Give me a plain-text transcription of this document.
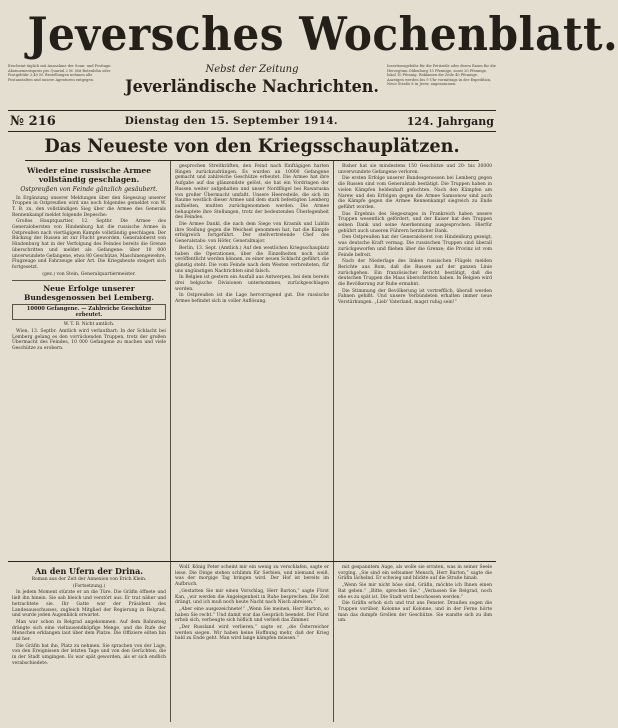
Jeversches Wochenblatt.
Erscheint täglich mit Ausnahme der Sonn- und Festtage. Abonnementspreis pro Quartal 2 M. Mit Botenlohn oder Postgebühr 2,40 M. Bestellungen nehmen alle Postanstalten und unsere Agenturen entgegen.
Nebst der Zeitung
Jeverländische Nachrichten.
Insertionsgebühr für die Petitzeile oder deren Raum für die Herzogtum Oldenburg 15 Pfennige, sonst 20 Pfennige, lokal 10 Pfennig. Reklamen die Zeile 40 Pfennige. Anzeigen werden bis 9 Uhr vormittags in der Expedition, Neue Straße 8 in Jever, angenommen.
№ 216	Dienstag den 15. September 1914.	124. Jahrgang
Das Neueste von den Kriegsschauplätzen.
Wieder eine russische Armee vollständig geschlagen.
Ostpreußen von Feinde gänzlich gesäubert.

In Ergänzung unserer Meldungen über den Siegeszug unserer Truppen in Ostpreußen wird uns noch folgendes gemeldet von W. T. B. zu, den vollständigen Sieg über die Armee des Generals Rennenkampf meldet folgende Depesche:

Großes Hauptquartier, 12. Septbr. Die Armee des Generalobersten von Hindenburg hat die russische Armee in Ostpreußen nach viertägigem Kampfe vollständig geschlagen. Der Rückzug der Russen ist zur Flucht geworden. Generaloberst von Hindenburg hat in der Verfolgung des Feindes bereits die Grenze überschritten und meldet als Gefangene: über 10 000 unverwundete Gefangene, etwa 80 Geschütze, Maschinengewehre, Flugzeuge und Fahrzeuge aller Art. Die Kriegsbeute steigert sich fortgesetzt.

(gez.) von Stein, Generalquartiermeister.

Neue Erfolge unserer Bundesgenossen bei Lemberg.
10000 Gefangene. — Zahlreiche Geschütze erbeutet.

W. T. B. Nicht amtlich.

Wien, 13. Septbr. Amtlich wird verlautbart: In der Schlacht bei Lemberg gelang es den vorrückenden Truppen, trotz der großen Übermacht des Feindes, 10 000 Gefangene zu machen und viele Geschütze zu erobern.

gesprochen Streitkräften, den Feind nach fünftägigen harten Ringen zurückzudrängen. Es wurden an 10000 Gefangene gemacht und zahlreiche Geschütze erbeutet. Die Armee hat ihre Aufgabe auf das glänzendste gelöst, sie hat ein Vordringen der Russen weiter aufgehalten und unser Nordflügel bei Rawaruska von großer Übermacht umfaßt. Unsere Heeresteile, die sich im Raume westlich dieser Armee und dem stark befestigten Lemberg aufhielten, mußten zurückgenommen werden. Die Armee behauptete ihre Stellungen, trotz der bedeutenden Überlegenheit des Feindes.

Die Armee Dankl, die nach dem Siege von Krasnik und Lublin ihre Stellung gegen die Weichsel genommen hat, hat die Kämpfe erfolgreich fortgeführt. Der stellvertretende Chef des Generalstabs: von Höfer, Generalmajor.

Berlin, 13. Sept. (Amtlich.) Auf den westlichen Kriegsschauplatz haben die Operationen, über die Einzelheiten noch nicht veröffentlicht werden können, zu einer neuen Schlacht geführt, die günstig steht. Die vom Feinde nach dem Westen verbreiteten, für uns ungünstigen Nachrichten sind falsch.

In Belgien ist gestern ein Ausfall aus Antwerpen, bei dem bereits drei belgische Divisionen unternommen, zurückgeschlagen worden.

In Ostpreußen ist die Lage hervorragend gut. Die russische Armee befindet sich in voller Auflösung.

Bisher hat sie mindestens 150 Geschütze und 20- bis 30000 unverwundete Gefangene verloren.

Die ersten Erfolge unserer Bundesgenossen bei Lemberg gegen die Russen sind vom Generalstab bestätigt. Die Truppen haben in vielen Kämpfen heldenhaft gefochten. Nach den Kämpfen am Narew und den Erfolgen gegen die Armee Samsonow sind auch die Kämpfe gegen die Armee Rennenkampf siegreich zu Ende geführt worden.

Das Ergebnis des Siegeszuges in Frankreich haben unsere Truppen wesentlich gefördert, und der Kaiser hat den Truppen seinen Dank und seine Anerkennung ausgesprochen. Hierfür gebührt auch unseren Führern herzlicher Dank.

Den Ostpreußen hat der Generaloberst von Hindenburg gezeigt, was deutsche Kraft vermag. Die russischen Truppen sind überall zurückgeworfen und fliehen über die Grenze; die Provinz ist vom Feinde befreit.

Nach der Niederlage des linken russischen Flügels melden Berichte aus Rom, daß die Russen auf der ganzen Linie zurückgehen. Ein französischer Bericht bestätigt, daß die deutschen Truppen die Maas überschritten haben. In Belgien wird die Bevölkerung zur Ruhe ermahnt.

Die Stimmung der Bevölkerung ist vortrefflich, überall werden Fahnen gehißt. Und unsere Verbündeten erhalten immer neue Verstärkungen. „Lieb' Vaterland, magst ruhig sein!“

An den Ufern der Drina.

Roman aus der Zeit der Annexion von Erich Klein.

(Fortsetzung.)

In jedem Moment stürzte er an die Türe. Die Gräfin öffnete und ließ ihn hinein. Sie sah bleich und verstört aus. Er trat näher und betrachtete sie. Ihr Gatte war der Präsident des Landesausschusses, zugleich Mitglied der Regierung in Belgrad, und wurde jeden Augenblick erwartet.

Man war schon in Belgrad angekommen. Auf dem Bahnsteig drängte sich eine vieltausendköpfige Menge, und die Rufe der Menschen erklangen laut über dem Platze. Die Offiziere eilten hin und her.

Die Gräfin bat ihn, Platz zu nehmen. Sie sprachen von der Lage, von den Ereignissen der letzten Tage und von den Gerüchten, die in der Stadt umgingen. Es war spät geworden, als er sich endlich verabschiedete.

Wolf. König Peter scheint mir ein wenig zu verschlafen, sagte er leise. Die Dinge stehen schlimm für Serbien, und niemand weiß, was der morgige Tag bringen wird. Der Hof ist bereits im Aufbruch.

„Gestatten Sie mir einen Vorschlag, Herr Barton,“ sagte Fürst Kan, „wir werden die Angelegenheit in Ruhe besprechen. Die Zeit drängt, und ich muß noch heute Nacht nach Nisch abreisen.“

„Aber eine ausgezeichnete!“ „Wenn Sie meinen, Herr Barton, so haben Sie recht.“ Und damit war das Gespräch beendet. Der Fürst erhob sich, verbeugte sich höflich und verließ das Zimmer.

„Der Russland wird verlieren,“ sagte er, „die Österreicher werden siegen. Wir haben keine Hoffnung mehr, daß der Krieg bald zu Ende geht. Man wird lange kämpfen müssen.“

mit gespanntem Auge, als wolle sie erraten, was in seiner Seele vorging. „Sie sind ein seltsamer Mensch, Herr Barton,“ sagte die Gräfin lächelnd. Er schwieg und blickte auf die Straße hinab.

„Wenn Sie mir nicht böse sind, Gräfin, möchte ich Ihnen einen Rat geben.“ „Bitte, sprechen Sie.“ „Verlassen Sie Belgrad, noch ehe es zu spät ist. Die Stadt wird beschossen werden.“

Die Gräfin erhob sich und trat ans Fenster. Draußen zogen die Truppen vorüber, Kolonne auf Kolonne, und in der Ferne hörte man das dumpfe Grollen der Geschütze. Sie wandte sich zu ihm um.
